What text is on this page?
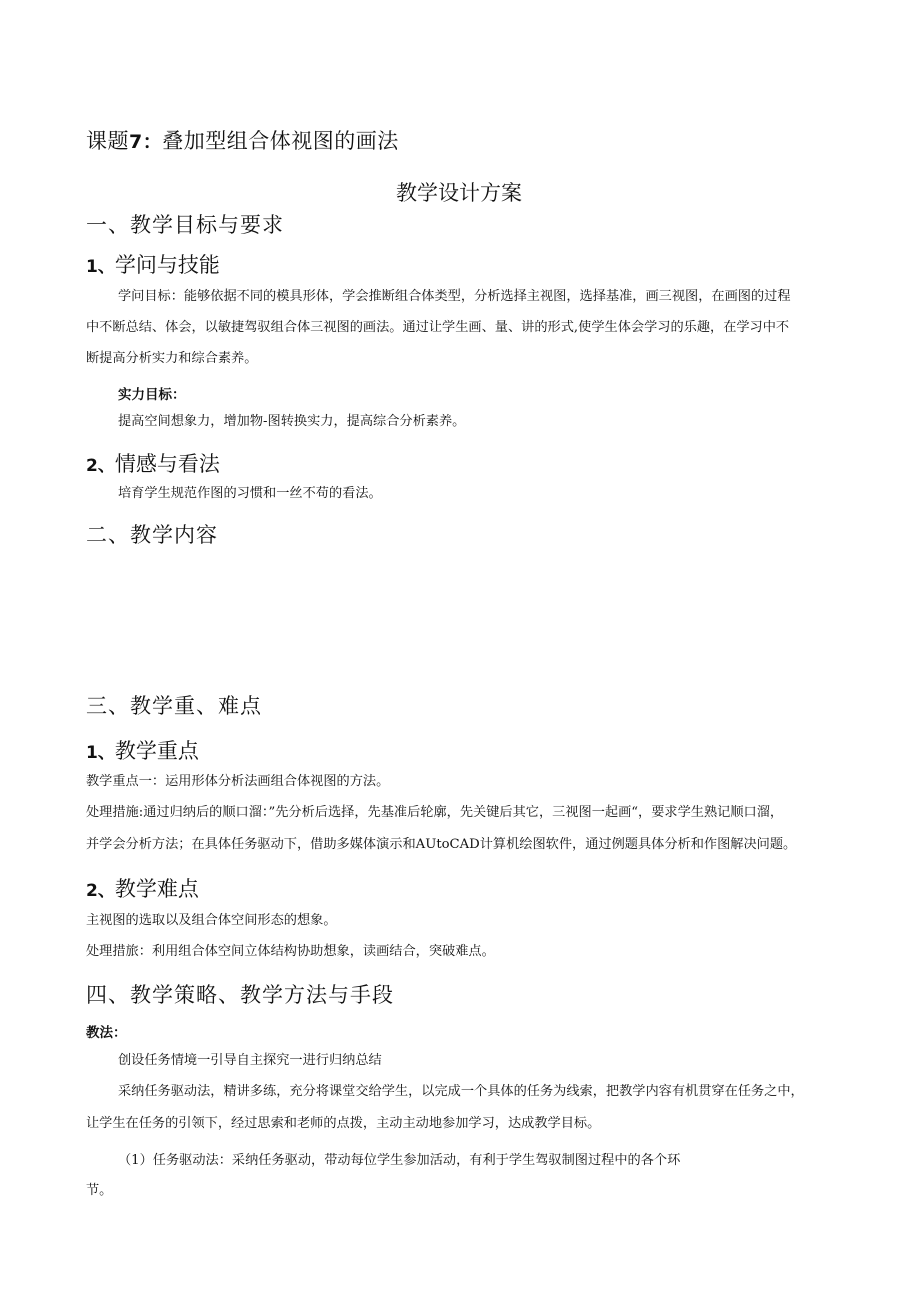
课题7：叠加型组合体视图的画法
教学设计方案
一、教学目标与要求
1、学问与技能
学问目标：能够依据不同的模具形体，学会推断组合体类型，分析选择主视图，选择基准，画三视图，在画图的过程
中不断总结、体会，以敏捷驾驭组合体三视图的画法。通过让学生画、量、讲的形式,使学生体会学习的乐趣，在学习中不
断提高分析实力和综合素养。
实力目标：
提高空间想象力，增加物-图转换实力，提高综合分析素养。
2、情感与看法
培育学生规范作图的习惯和一丝不苟的看法。
二、教学内容
三、教学重、难点
1、教学重点
教学重点一：运用形体分析法画组合体视图的方法。
处理措施:通过归纳后的顺口溜：”先分析后选择，先基准后轮廓，先关键后其它，三视图一起画“，要求学生熟记顺口溜，
并学会分析方法；在具体任务驱动下，借助多媒体演示和AUtoCAD计算机绘图软件，通过例题具体分析和作图解决问题。
2、教学难点
主视图的选取以及组合体空间形态的想象。
处理措旅：利用组合体空间立体结构协助想象，读画结合，突破难点。
四、教学策略、教学方法与手段
教法：
创设任务情境一引导自主探究一进行归纳总结
采纳任务驱动法，精讲多练，充分将课堂交给学生，以完成一个具体的任务为线索，把教学内容有机贯穿在任务之中，
让学生在任务的引领下，经过思索和老师的点拨，主动主动地参加学习，达成教学目标。
（1）任务驱动法：采纳任务驱动，带动每位学生参加活动，有利于学生驾驭制图过程中的各个环
节。
